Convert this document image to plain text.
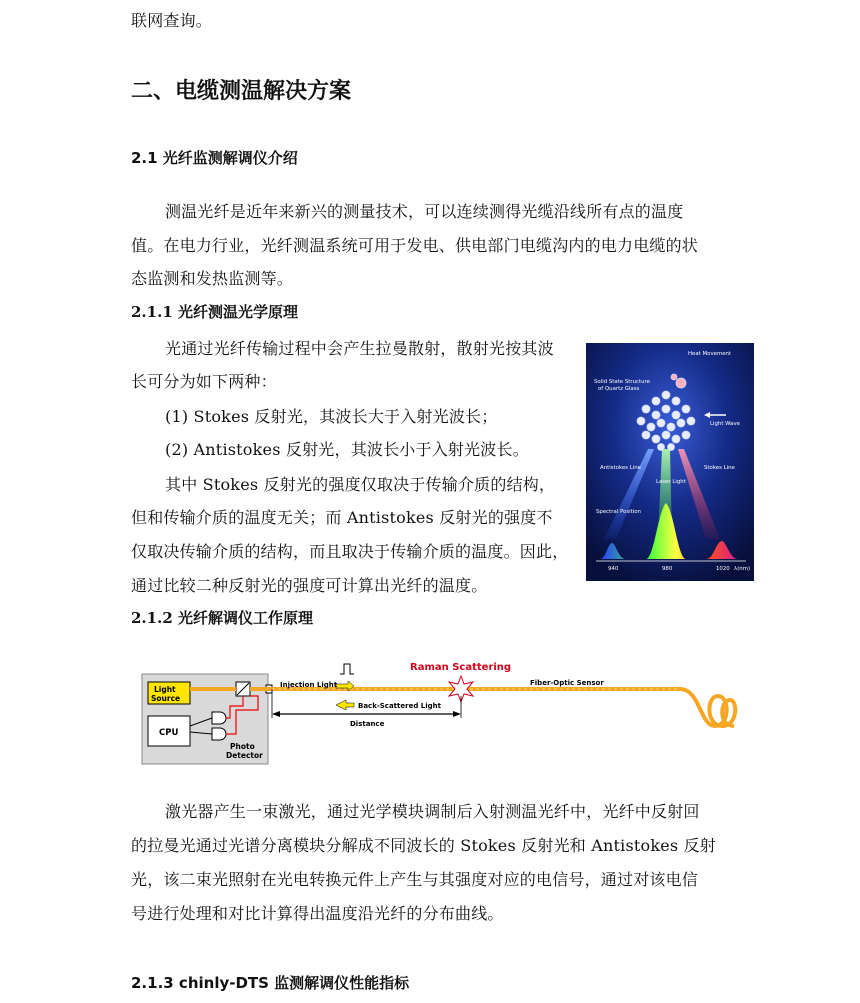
联网查询。
二、电缆测温解决方案
2.1 光纤监测解调仪介绍
测温光纤是近年来新兴的测量技术，可以连续测得光缆沿线所有点的温度
值。在电力行业，光纤测温系统可用于发电、供电部门电缆沟内的电力电缆的状
态监测和发热监测等。
2.1.1 光纤测温光学原理
光通过光纤传输过程中会产生拉曼散射，散射光按其波
长可分为如下两种：
(1) Stokes 反射光，其波长大于入射光波长；
(2) Antistokes 反射光，其波长小于入射光波长。
其中 Stokes 反射光的强度仅取决于传输介质的结构，
但和传输介质的温度无关；而 Antistokes 反射光的强度不
仅取决传输介质的结构，而且取决于传输介质的温度。因此，
通过比较二种反射光的强度可计算出光纤的温度。
2.1.2 光纤解调仪工作原理
激光器产生一束激光，通过光学模块调制后入射测温光纤中，光纤中反射回
的拉曼光通过光谱分离模块分解成不同波长的 Stokes 反射光和 Antistokes 反射
光，该二束光照射在光电转换元件上产生与其强度对应的电信号，通过对该电信
号进行处理和对比计算得出温度沿光纤的分布曲线。
2.1.3 chinly-DTS 监测解调仪性能指标
Heat Movement
Solid State Structure
of Quartz Glass
Light Wave
Antistokes Line	Stokes Line
Laser Light
Spectral Position
940	980	1020 λ(nm)
Light
Source
CPU
Photo
Detector
Injection Light
Raman Scattering
Fiber-Optic Sensor
Back-Scattered Light
Distance
